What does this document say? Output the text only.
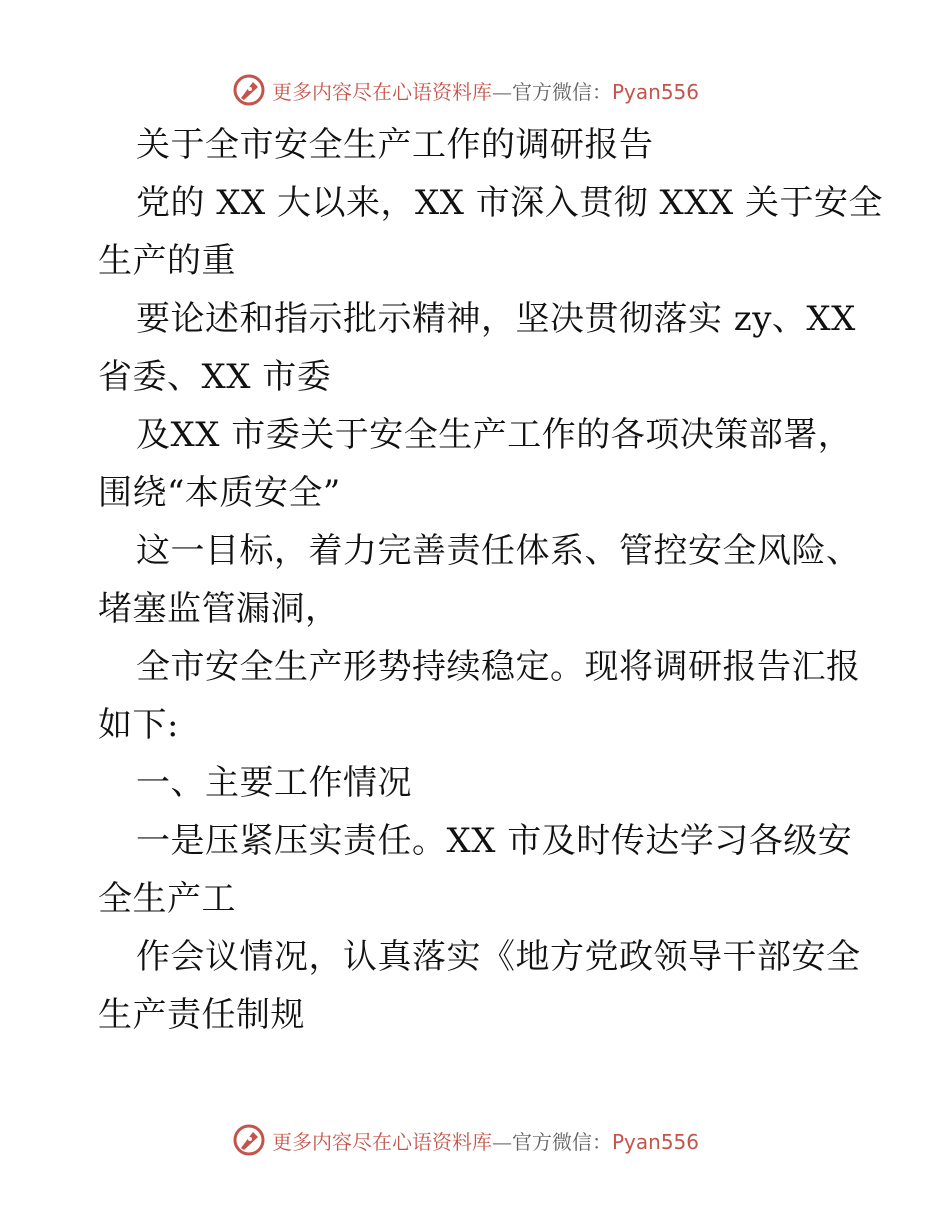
更多内容尽在心语资料库—官方微信：Pyan556
关于全市安全生产工作的调研报告
党的 XX 大以来，XX 市深入贯彻 XXX 关于安全
生产的重
要论述和指示批示精神，坚决贯彻落实 zy、XX
省委、XX 市委
及XX 市委关于安全生产工作的各项决策部署，
围绕“本质安全”
这一目标，着力完善责任体系、管控安全风险、
堵塞监管漏洞，
全市安全生产形势持续稳定。现将调研报告汇报
如下:
一、主要工作情况
一是压紧压实责任。XX 市及时传达学习各级安
全生产工
作会议情况，认真落实《地方党政领导干部安全
生产责任制规
更多内容尽在心语资料库—官方微信：Pyan556
